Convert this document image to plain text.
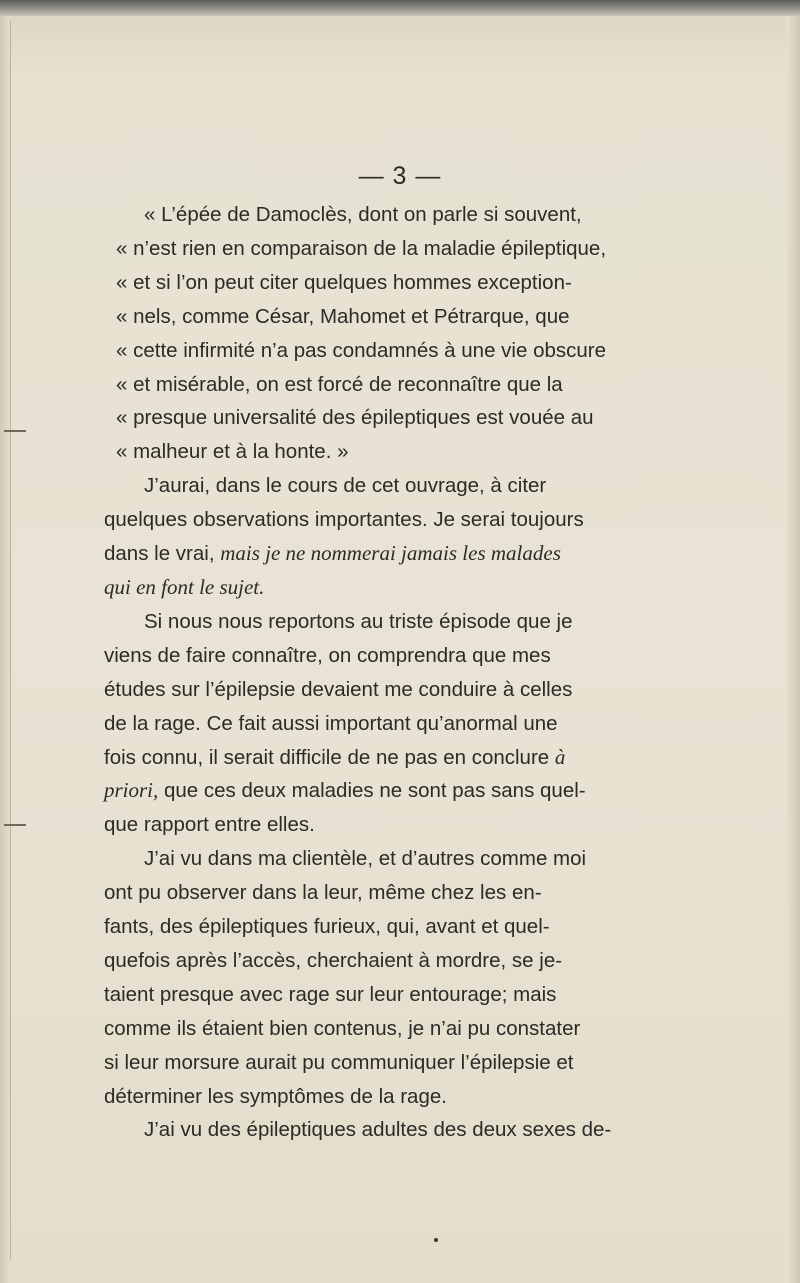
— 3 —
« L’épée de Damoclès, dont on parle si souvent,
« n’est rien en comparaison de la maladie épileptique,
« et si l’on peut citer quelques hommes exception-
« nels, comme César, Mahomet et Pétrarque, que
« cette infirmité n’a pas condamnés à une vie obscure
« et misérable, on est forcé de reconnaître que la
« presque universalité des épileptiques est vouée au
« malheur et à la honte. »
J’aurai, dans le cours de cet ouvrage, à citer
quelques observations importantes. Je serai toujours
dans le vrai, mais je ne nommerai jamais les malades
qui en font le sujet.
Si nous nous reportons au triste épisode que je
viens de faire connaître, on comprendra que mes
études sur l’épilepsie devaient me conduire à celles
de la rage. Ce fait aussi important qu’anormal une
fois connu, il serait difficile de ne pas en conclure à
priori, que ces deux maladies ne sont pas sans quel-
que rapport entre elles.
J’ai vu dans ma clientèle, et d’autres comme moi
ont pu observer dans la leur, même chez les en-
fants, des épileptiques furieux, qui, avant et quel-
quefois après l’accès, cherchaient à mordre, se je-
taient presque avec rage sur leur entourage; mais
comme ils étaient bien contenus, je n’ai pu constater
si leur morsure aurait pu communiquer l’épilepsie et
déterminer les symptômes de la rage.
J’ai vu des épileptiques adultes des deux sexes de-
